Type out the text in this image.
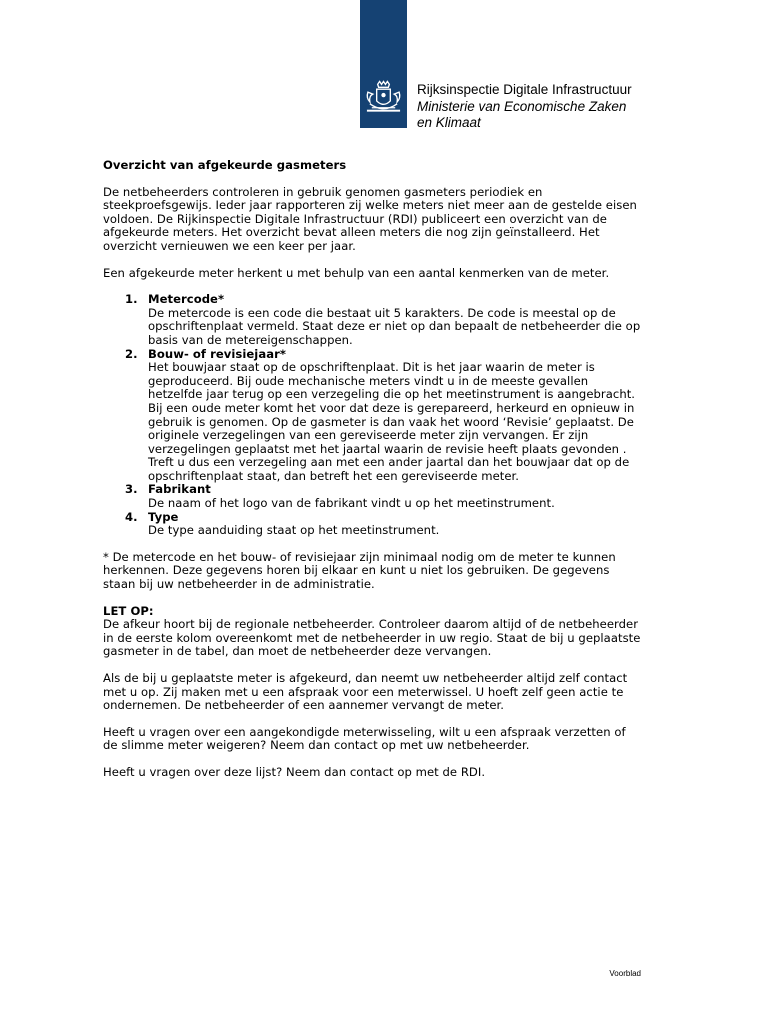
Rijksinspectie Digitale Infrastructuur
Ministerie van Economische Zaken
en Klimaat
Overzicht van afgekeurde gasmeters

De netbeheerders controleren in gebruik genomen gasmeters periodiek en steekproefsgewijs. Ieder jaar rapporteren zij welke meters niet meer aan de gestelde eisen voldoen. De Rijkinspectie Digitale Infrastructuur (RDI) publiceert een overzicht van de afgekeurde meters. Het overzicht bevat alleen meters die nog zijn geïnstalleerd. Het overzicht vernieuwen we een keer per jaar.

Een afgekeurde meter herkent u met behulp van een aantal kenmerken van de meter.

1. Metercode*
De metercode is een code die bestaat uit 5 karakters. De code is meestal op de opschriftenplaat vermeld. Staat deze er niet op dan bepaalt de netbeheerder die op basis van de metereigenschappen.
2. Bouw- of revisiejaar*
Het bouwjaar staat op de opschriftenplaat. Dit is het jaar waarin de meter is geproduceerd. Bij oude mechanische meters vindt u in de meeste gevallen hetzelfde jaar terug op een verzegeling die op het meetinstrument is aangebracht. Bij een oude meter komt het voor dat deze is gerepareerd, herkeurd en opnieuw in gebruik is genomen. Op de gasmeter is dan vaak het woord ‘Revisie’ geplaatst. De originele verzegelingen van een gereviseerde meter zijn vervangen. Er zijn verzegelingen geplaatst met het jaartal waarin de revisie heeft plaats gevonden . Treft u dus een verzegeling aan met een ander jaartal dan het bouwjaar dat op de opschriftenplaat staat, dan betreft het een gereviseerde meter.
3. Fabrikant
De naam of het logo van de fabrikant vindt u op het meetinstrument.
4. Type
De type aanduiding staat op het meetinstrument.

* De metercode en het bouw- of revisiejaar zijn minimaal nodig om de meter te kunnen herkennen. Deze gegevens horen bij elkaar en kunt u niet los gebruiken. De gegevens staan bij uw netbeheerder in de administratie.

LET OP:
De afkeur hoort bij de regionale netbeheerder. Controleer daarom altijd of de netbeheerder in de eerste kolom overeenkomt met de netbeheerder in uw regio. Staat de bij u geplaatste gasmeter in de tabel, dan moet de netbeheerder deze vervangen.

Als de bij u geplaatste meter is afgekeurd, dan neemt uw netbeheerder altijd zelf contact met u op. Zij maken met u een afspraak voor een meterwissel. U hoeft zelf geen actie te ondernemen. De netbeheerder of een aannemer vervangt de meter.

Heeft u vragen over een aangekondigde meterwisseling, wilt u een afspraak verzetten of de slimme meter weigeren? Neem dan contact op met uw netbeheerder.

Heeft u vragen over deze lijst? Neem dan contact op met de RDI.

Voorblad
